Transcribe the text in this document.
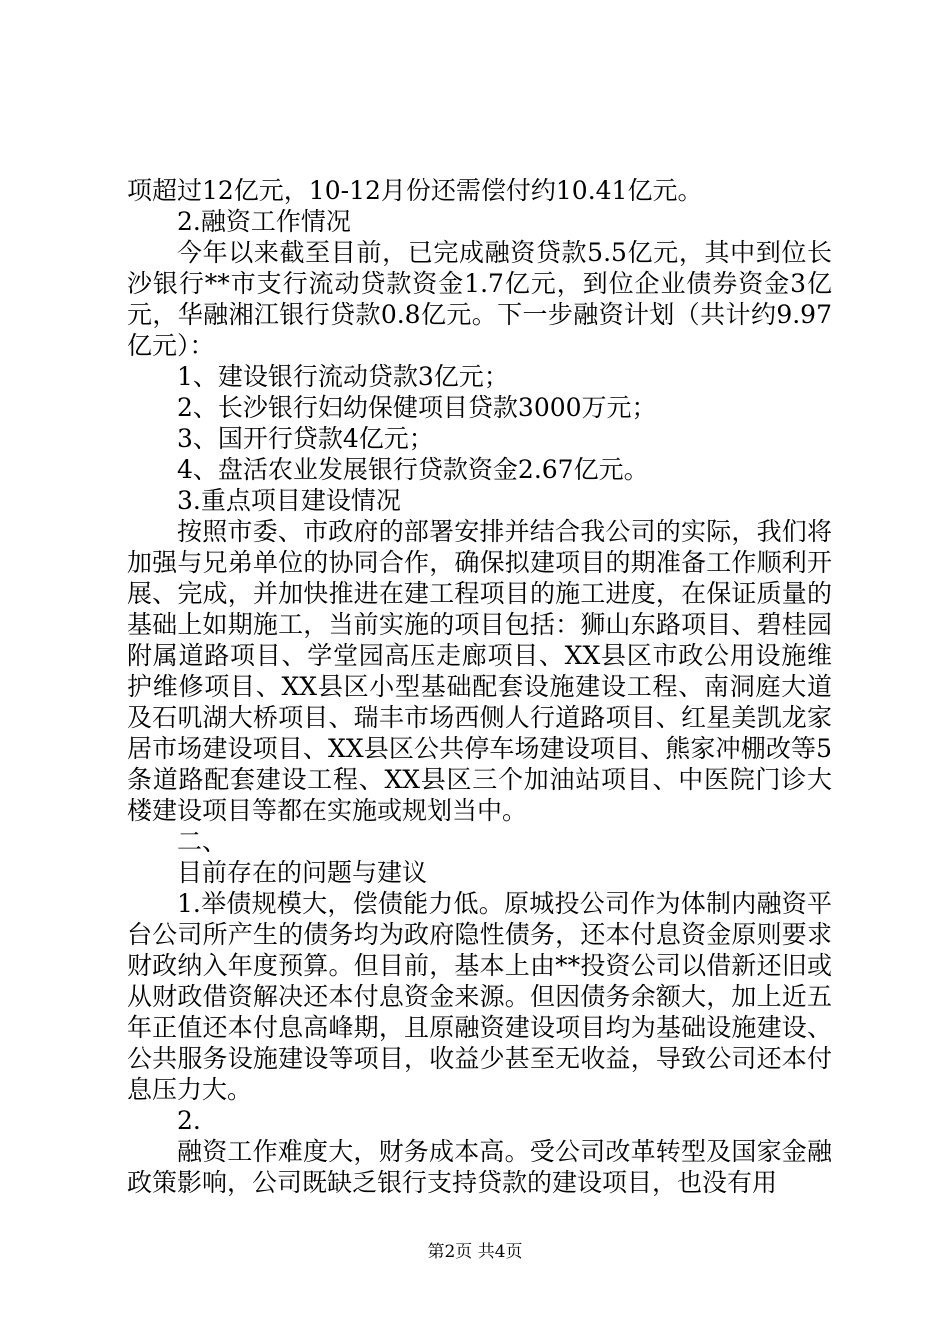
项超过12亿元，10-12月份还需偿付约10.41亿元。

2.融资工作情况

今年以来截至目前，已完成融资贷款5.5亿元，其中到位长沙银行**市支行流动贷款资金1.7亿元，到位企业债券资金3亿元，华融湘江银行贷款0.8亿元。下一步融资计划（共计约9.97亿元）：

1、建设银行流动贷款3亿元；

2、长沙银行妇幼保健项目贷款3000万元；

3、国开行贷款4亿元；

4、盘活农业发展银行贷款资金2.67亿元。

3.重点项目建设情况

按照市委、市政府的部署安排并结合我公司的实际，我们将加强与兄弟单位的协同合作，确保拟建项目的期准备工作顺利开展、完成，并加快推进在建工程项目的施工进度，在保证质量的基础上如期施工，当前实施的项目包括：狮山东路项目、碧桂园附属道路项目、学堂园高压走廊项目、XX县区市政公用设施维护维修项目、XX县区小型基础配套设施建设工程、南洞庭大道及石叽湖大桥项目、瑞丰市场西侧人行道路项目、红星美凯龙家居市场建设项目、XX县区公共停车场建设项目、熊家冲棚改等5条道路配套建设工程、XX县区三个加油站项目、中医院门诊大楼建设项目等都在实施或规划当中。

二、

目前存在的问题与建议

1.举债规模大，偿债能力低。原城投公司作为体制内融资平台公司所产生的债务均为政府隐性债务，还本付息资金原则要求财政纳入年度预算。但目前，基本上由**投资公司以借新还旧或从财政借资解决还本付息资金来源。但因债务余额大，加上近五年正值还本付息高峰期，且原融资建设项目均为基础设施建设、公共服务设施建设等项目，收益少甚至无收益，导致公司还本付息压力大。

2.

融资工作难度大，财务成本高。受公司改革转型及国家金融政策影响，公司既缺乏银行支持贷款的建设项目，也没有用

第2页 共4页
